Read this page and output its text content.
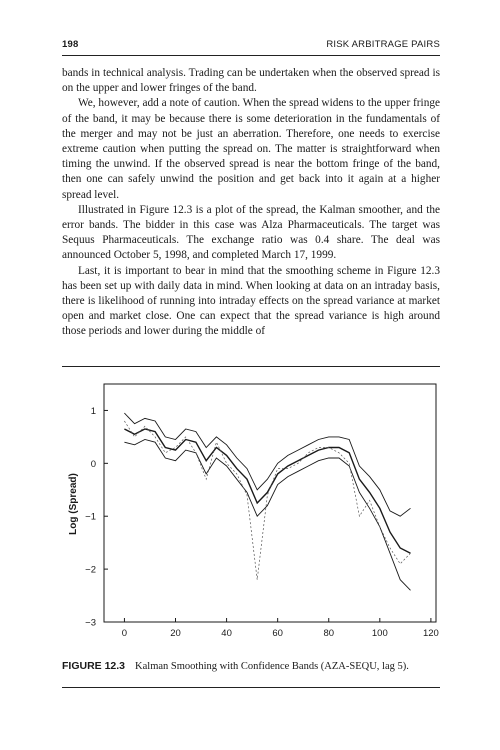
198	RISK ARBITRAGE PAIRS

bands in technical analysis. Trading can be undertaken when the observed spread is on the upper and lower fringes of the band.

We, however, add a note of caution. When the spread widens to the upper fringe of the band, it may be because there is some deterioration in the fundamentals of the merger and may not be just an aberration. Therefore, one needs to exercise extreme caution when putting the spread on. The matter is straightforward when timing the unwind. If the observed spread is near the bottom fringe of the band, then one can safely unwind the position and get back into it again at a higher spread level.

Illustrated in Figure 12.3 is a plot of the spread, the Kalman smoother, and the error bands. The bidder in this case was Alza Pharmaceuticals. The target was Sequus Pharmaceuticals. The exchange ratio was 0.4 share. The deal was announced October 5, 1998, and completed March 17, 1999.

Last, it is important to bear in mind that the smoothing scheme in Figure 12.3 has been set up with daily data in mind. When looking at data on an intraday basis, there is likelihood of running into intraday effects on the spread variance at market open and market close. One can expect that the spread variance is high around those periods and lower during the middle of

0	20	40	60	80	100	120
1
0
−1
−2
−3
Log (Spread)
FIGURE 12.3 Kalman Smoothing with Confidence Bands (AZA-SEQU, lag 5).
